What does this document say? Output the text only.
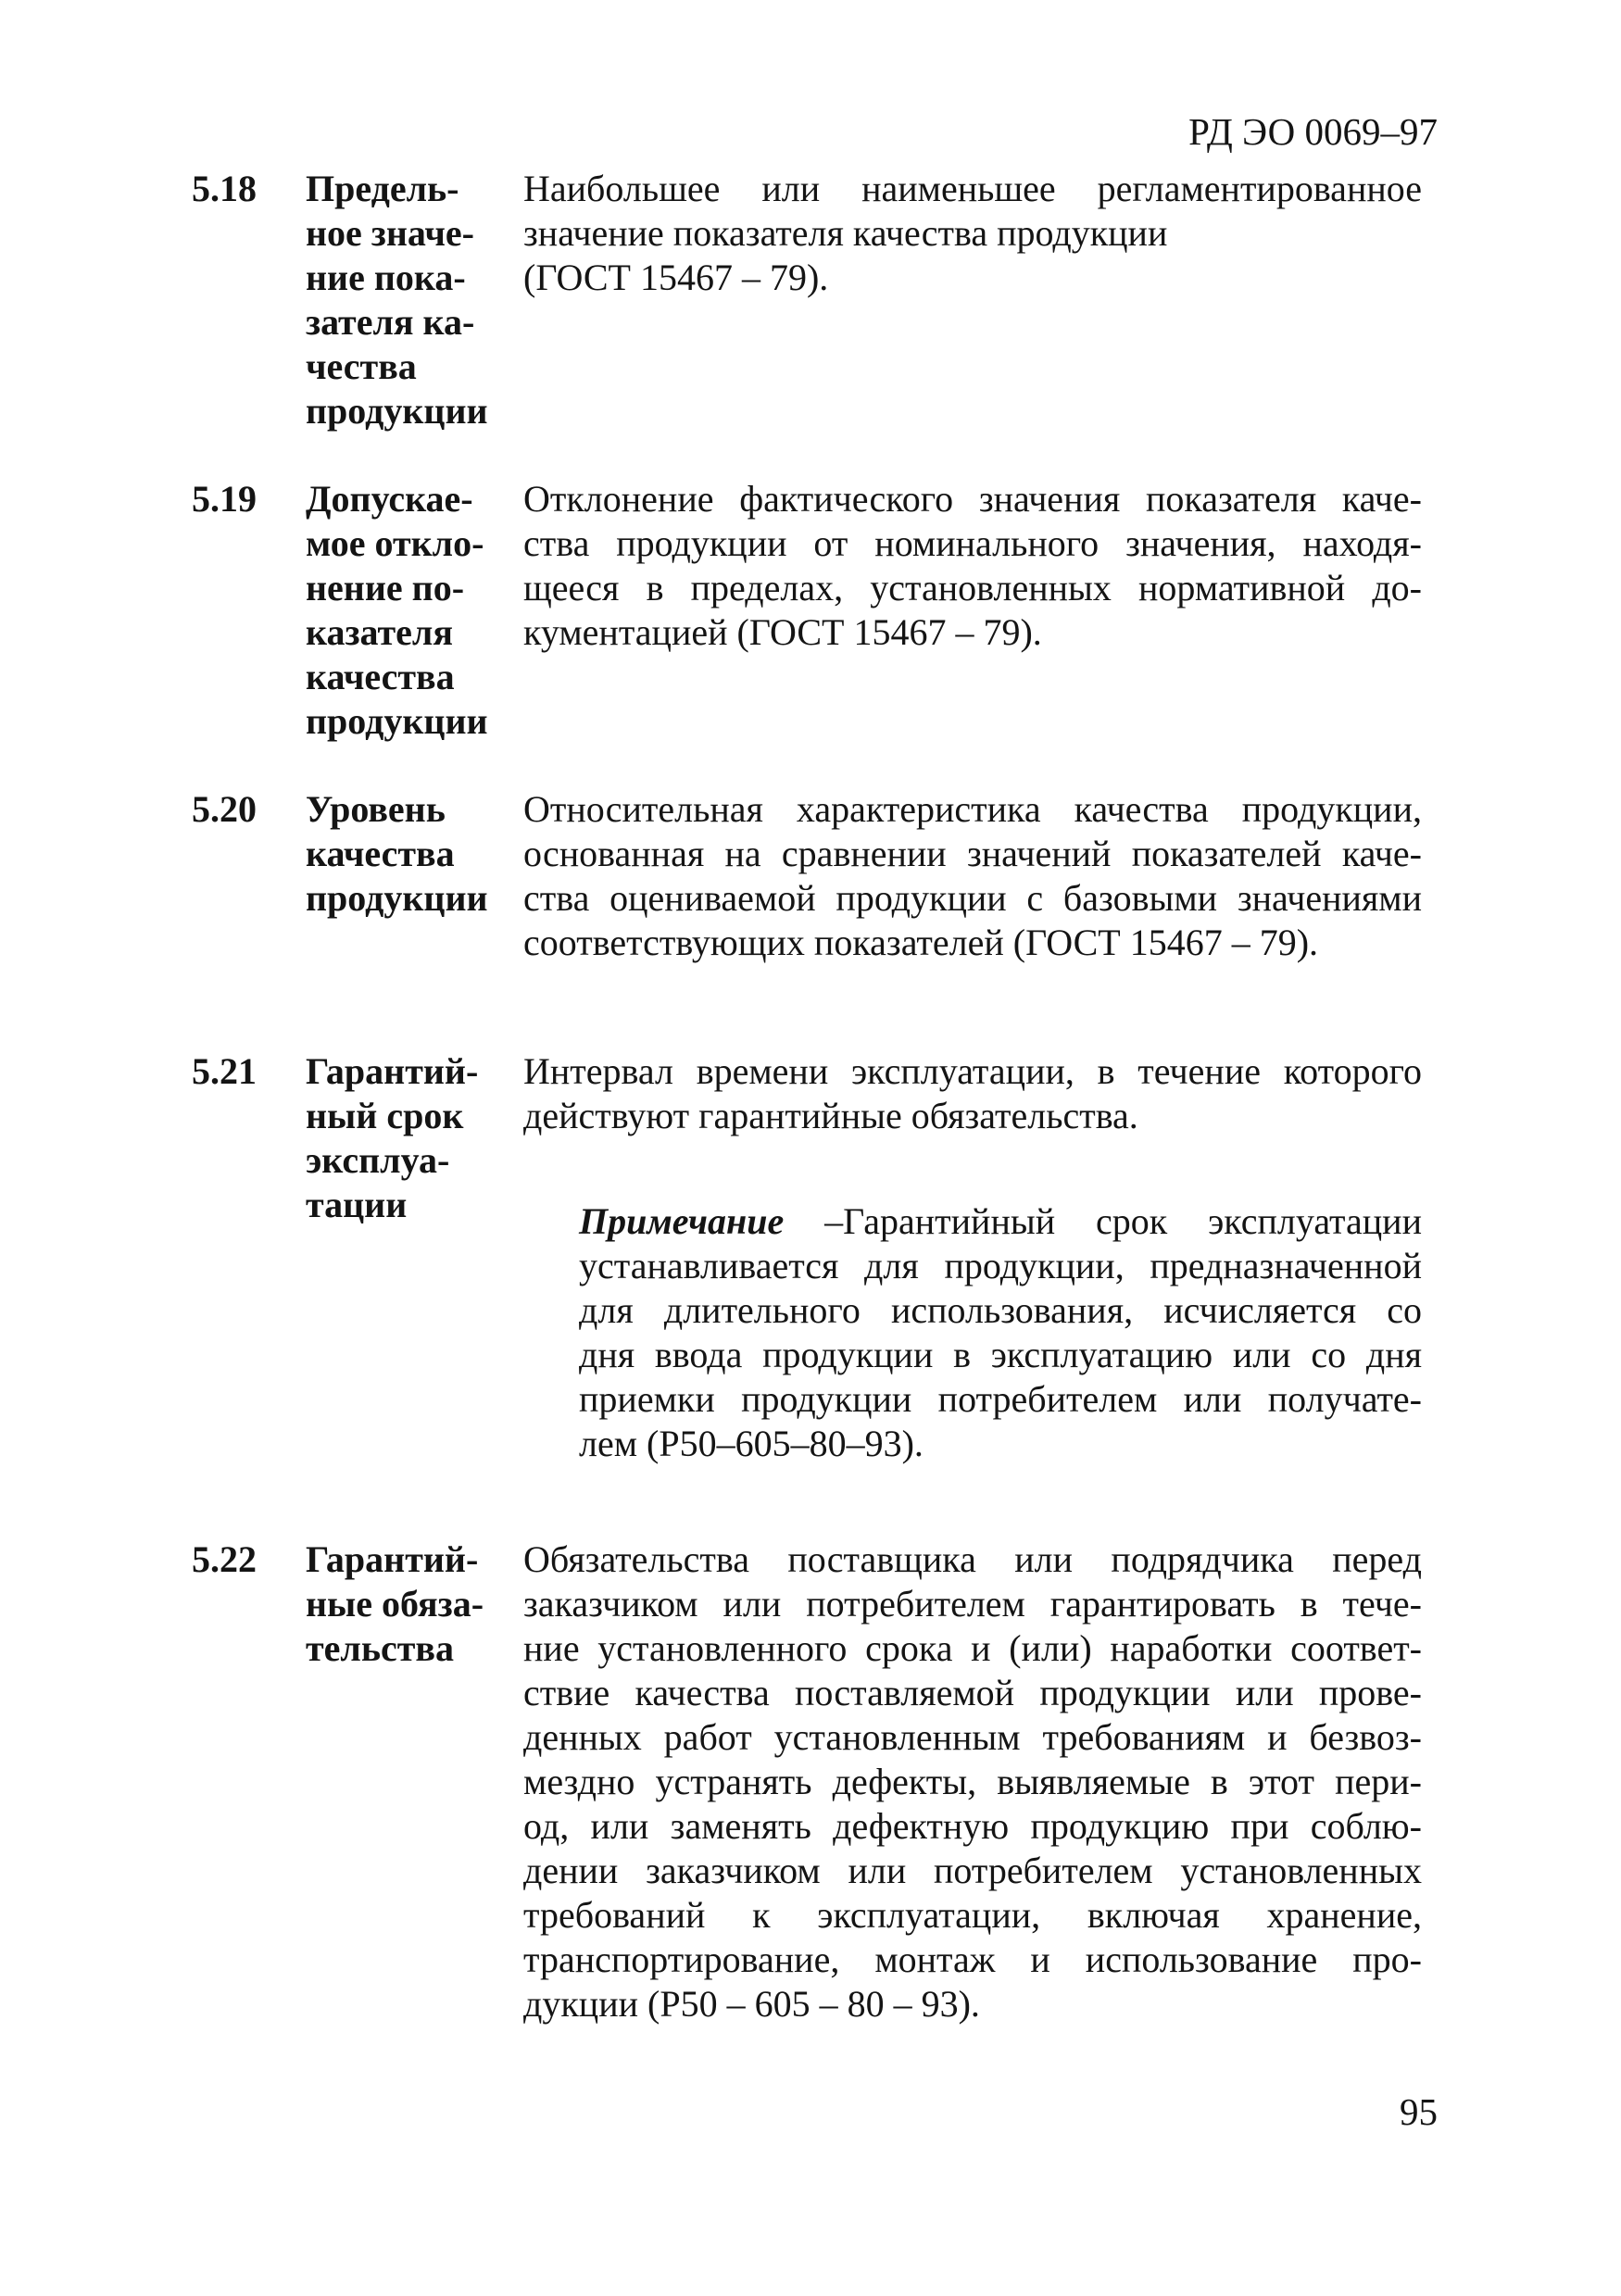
РД ЭО 0069–97
5.18 Предель-
ное значе-
ние пока-
зателя ка-
чества
продукции
Наибольшее или наименьшее регламентированное
значение показателя качества продукции
(ГОСТ 15467 – 79).
5.19 Допускае-
мое откло-
нение по-
казателя
качества
продукции
Отклонение фактического значения показателя каче-
ства продукции от номинального значения, находя-
щееся в пределах, установленных нормативной до-
кументацией (ГОСТ 15467 – 79).
5.20 Уровень
качества
продукции
Относительная характеристика качества продукции,
основанная на сравнении значений показателей каче-
ства оцениваемой продукции с базовыми значениями
соответствующих показателей (ГОСТ 15467 – 79).
5.21 Гарантий-
ный срок
эксплуа-
тации
Интервал времени эксплуатации, в течение которого
действуют гарантийные обязательства.
Примечание –Гарантийный срок эксплуатации
устанавливается для продукции, предназначенной
для длительного использования, исчисляется со
дня ввода продукции в эксплуатацию или со дня
приемки продукции потребителем или получате-
лем (Р50–605–80–93).
5.22 Гарантий-
ные обяза-
тельства
Обязательства поставщика или подрядчика перед
заказчиком или потребителем гарантировать в тече-
ние установленного срока и (или) наработки соответ-
ствие качества поставляемой продукции или прове-
денных работ установленным требованиям и безвоз-
мездно устранять дефекты, выявляемые в этот пери-
од, или заменять дефектную продукцию при соблю-
дении заказчиком или потребителем установленных
требований к эксплуатации, включая хранение,
транспортирование, монтаж и использование про-
дукции (Р50 – 605 – 80 – 93).
95
